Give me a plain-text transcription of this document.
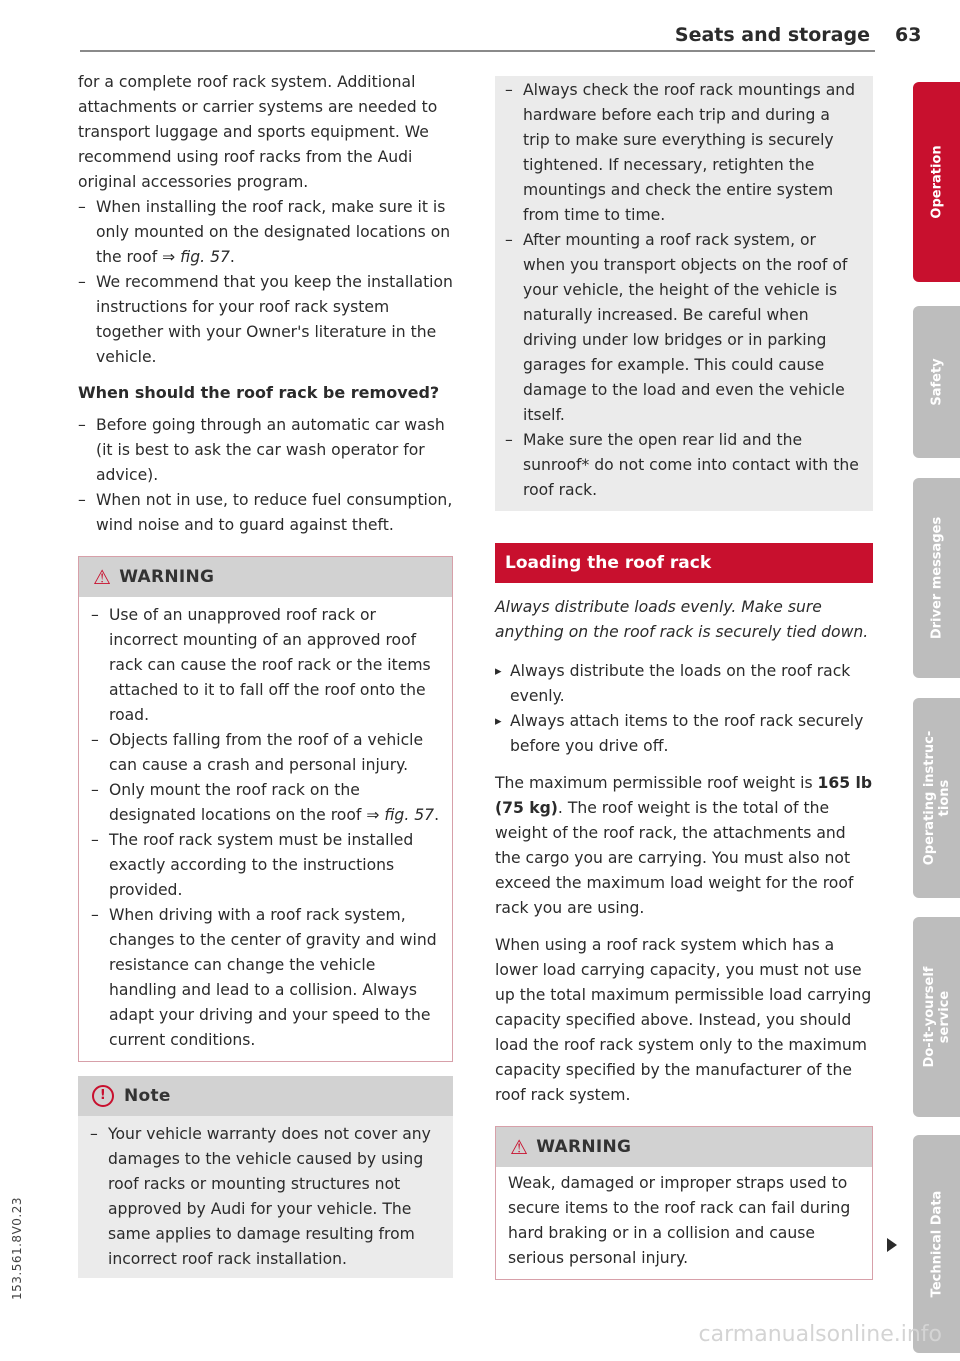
Seats and storage 63

for a complete roof rack system. Additional attachments or carrier systems are needed to transport luggage and sports equipment. We recommend using roof racks from the Audi original accessories program.

– When installing the roof rack, make sure it is only mounted on the designated locations on the roof ⇒ fig. 57.
– We recommend that you keep the installation instructions for your roof rack system together with your Owner's literature in the vehicle.
When should the roof rack be removed?
– Before going through an automatic car wash (it is best to ask the car wash operator for advice).
– When not in use, to reduce fuel consumption, wind noise and to guard against theft.
⚠ WARNING
– Use of an unapproved roof rack or incorrect mounting of an approved roof rack can cause the roof rack or the items attached to it to fall off the roof onto the road.
– Objects falling from the roof of a vehicle can cause a crash and personal injury.
– Only mount the roof rack on the designated locations on the roof ⇒ fig. 57.
– The roof rack system must be installed exactly according to the instructions provided.
– When driving with a roof rack system, changes to the center of gravity and wind resistance can change the vehicle handling and lead to a collision. Always adapt your driving and your speed to the current conditions.
!	Note
– Your vehicle warranty does not cover any damages to the vehicle caused by using roof racks or mounting structures not approved by Audi for your vehicle. The same applies to damage resulting from incorrect roof rack installation.
– Always check the roof rack mountings and hardware before each trip and during a trip to make sure everything is securely tightened. If necessary, retighten the mountings and check the entire system from time to time.
– After mounting a roof rack system, or when you transport objects on the roof of your vehicle, the height of the vehicle is naturally increased. Be careful when driving under low bridges or in parking garages for example. This could cause damage to the load and even the vehicle itself.
– Make sure the open rear lid and the sunroof* do not come into contact with the roof rack.
Loading the roof rack

Always distribute loads evenly. Make sure anything on the roof rack is securely tied down.

▸ Always distribute the loads on the roof rack evenly.
▸ Always attach items to the roof rack securely before you drive off.

The maximum permissible roof weight is 165 lb (75 kg). The roof weight is the total of the weight of the roof rack, the attachments and the cargo you are carrying. You must also not exceed the maximum load weight for the roof rack you are using.

When using a roof rack system which has a lower load carrying capacity, you must not use up the total maximum permissible load carrying capacity specified above. Instead, you should load the roof rack system only to the maximum capacity specified by the manufacturer of the roof rack system.

⚠ WARNING

Weak, damaged or improper straps used to secure items to the roof rack can fail during hard braking or in a collision and cause serious personal injury.

Operation
Safety
Driver messages
Operating instruc- tions
Do-it-yourself service
Technical Data
153.561.8V0.23
carmanualsonline.info
